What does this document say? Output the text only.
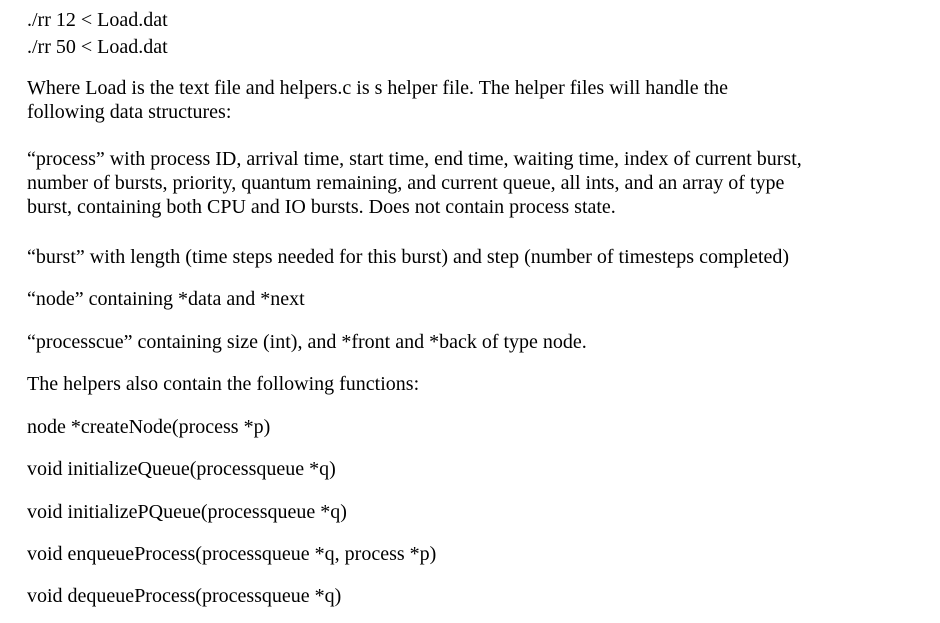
./rr 12 < Load.dat
./rr 50 < Load.dat
Where Load is the text file and helpers.c is s helper file. The helper files will handle the
following data structures:
“process” with process ID, arrival time, start time, end time, waiting time, index of current burst,
number of bursts, priority, quantum remaining, and current queue, all ints, and an array of type
burst, containing both CPU and IO bursts. Does not contain process state.
“burst” with length (time steps needed for this burst) and step (number of timesteps completed)
“node” containing *data and *next
“processcue” containing size (int), and *front and *back of type node.
The helpers also contain the following functions:
node *createNode(process *p)
void initializeQueue(processqueue *q)
void initializePQueue(processqueue *q)
void enqueueProcess(processqueue *q, process *p)
void dequeueProcess(processqueue *q)
